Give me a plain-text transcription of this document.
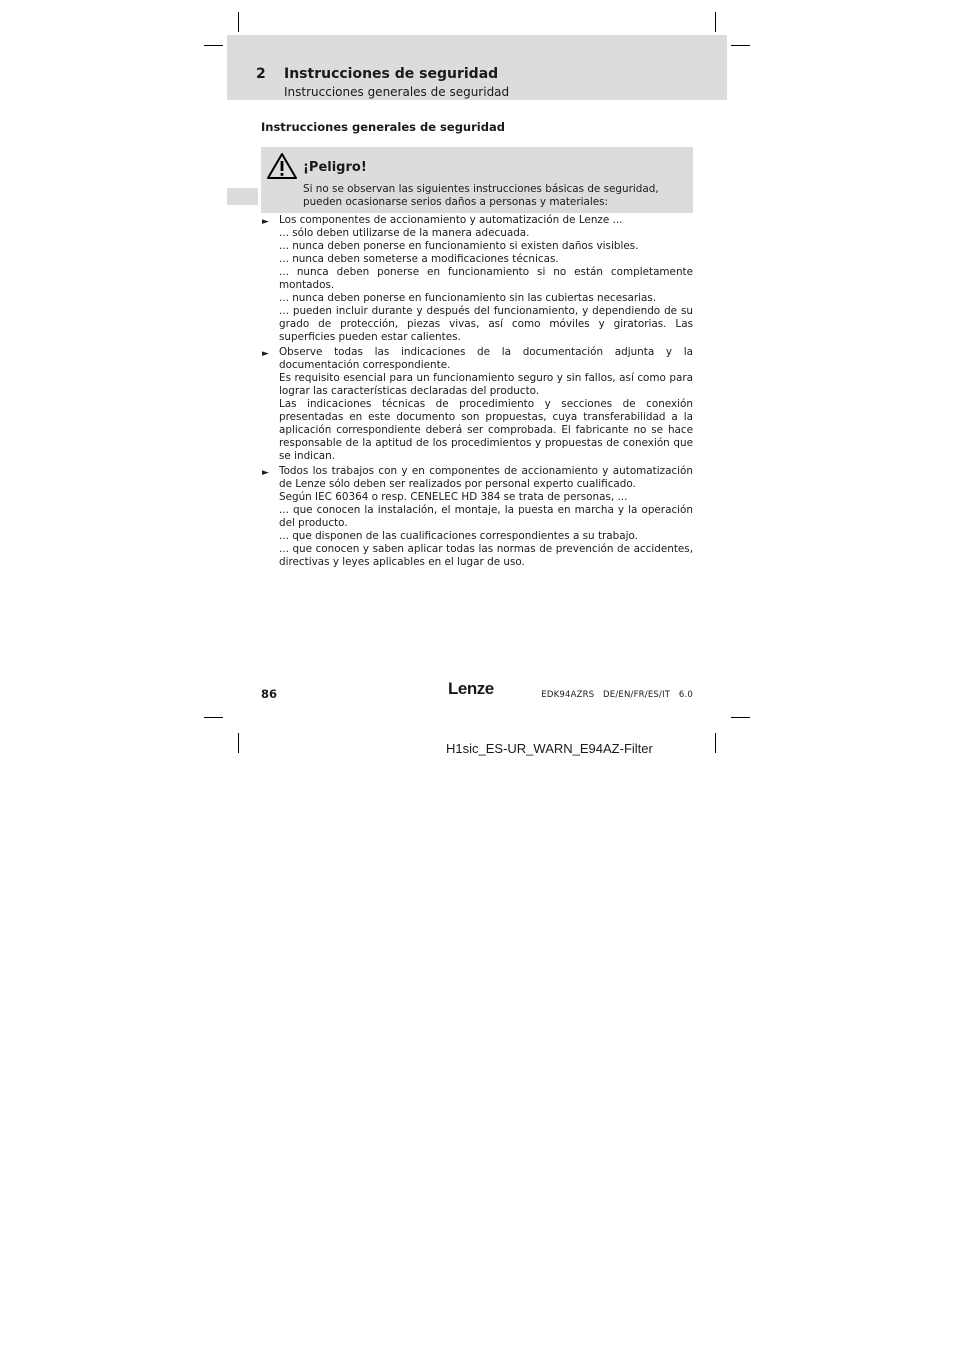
2 Instrucciones de seguridad
Instrucciones generales de seguridad
Instrucciones generales de seguridad
¡Peligro!
Si no se observan las siguientes instrucciones básicas de seguridad, pueden ocasionarse serios daños a personas y materiales:
► Los componentes de accionamiento y automatización de Lenze ...

... sólo deben utilizarse de la manera adecuada.

... nunca deben ponerse en funcionamiento si existen daños visibles.

... nunca deben someterse a modificaciones técnicas.

... nunca deben ponerse en funcionamiento si no están completamente montados.

... nunca deben ponerse en funcionamiento sin las cubiertas necesarias.

... pueden incluir durante y después del funcionamiento, y dependiendo de su grado de protección, piezas vivas, así como móviles y giratorias. Las superficies pueden estar calientes.

► Observe todas las indicaciones de la documentación adjunta y la documentación correspondiente.

Es requisito esencial para un funcionamiento seguro y sin fallos, así como para lograr las características declaradas del producto.

Las indicaciones técnicas de procedimiento y secciones de conexión presentadas en este documento son propuestas, cuya transferabilidad a la aplicación correspondiente deberá ser comprobada. El fabricante no se hace responsable de la aptitud de los procedimientos y propuestas de conexión que se indican.

► Todos los trabajos con y en componentes de accionamiento y automatización de Lenze sólo deben ser realizados por personal experto cualificado.

Según IEC 60364 o resp. CENELEC HD 384 se trata de personas, ...

... que conocen la instalación, el montaje, la puesta en marcha y la operación del producto.

... que disponen de las cualificaciones correspondientes a su trabajo.

... que conocen y saben aplicar todas las normas de prevención de accidentes, directivas y leyes aplicables en el lugar de uso.

86	Lenze	EDK94AZRS   DE/EN/FR/ES/IT   6.0
H1sic_ES-UR_WARN_E94AZ-Filter
